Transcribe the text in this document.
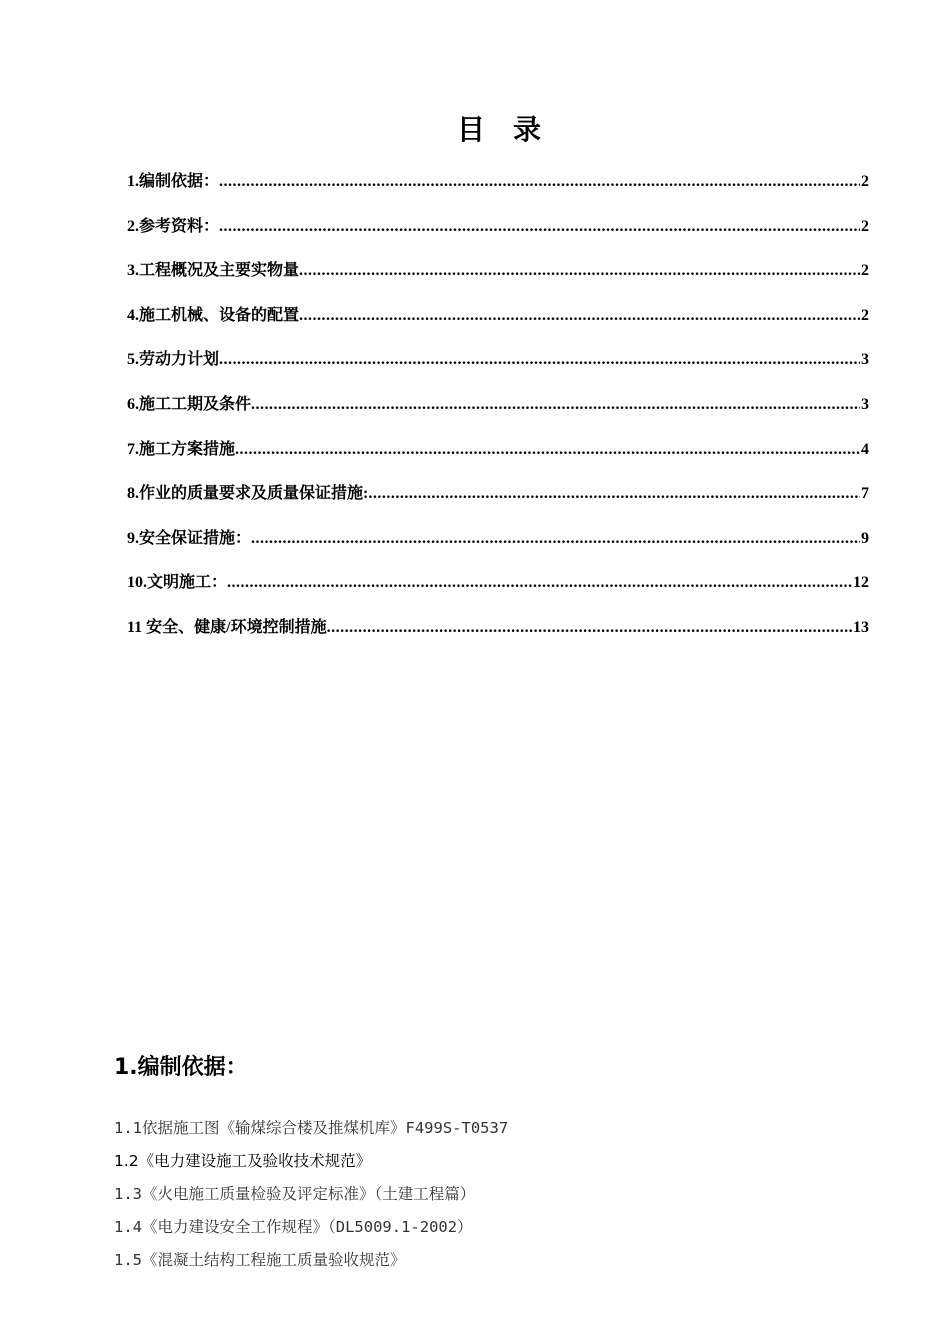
目 录
1.编制依据： .....	2
2.参考资料： .....	2
3.工程概况及主要实物量 .....	2
4.施工机械、设备的配置 .....	2
5.劳动力计划 .....	3
6.施工工期及条件 .....	3
7.施工方案措施 .....	4
8.作业的质量要求及质量保证措施: .....	7
9.安全保证措施： .....	9
10.文明施工： .....	12
11 安全、健康/环境控制措施 .....	13
1.编制依据：
1.1依据施工图《输煤综合楼及推煤机库》F499S-T0537
1.2《电力建设施工及验收技术规范》
1.3《火电施工质量检验及评定标准》（土建工程篇）
1.4《电力建设安全工作规程》（DL5009.1-2002）
1.5《混凝土结构工程施工质量验收规范》
